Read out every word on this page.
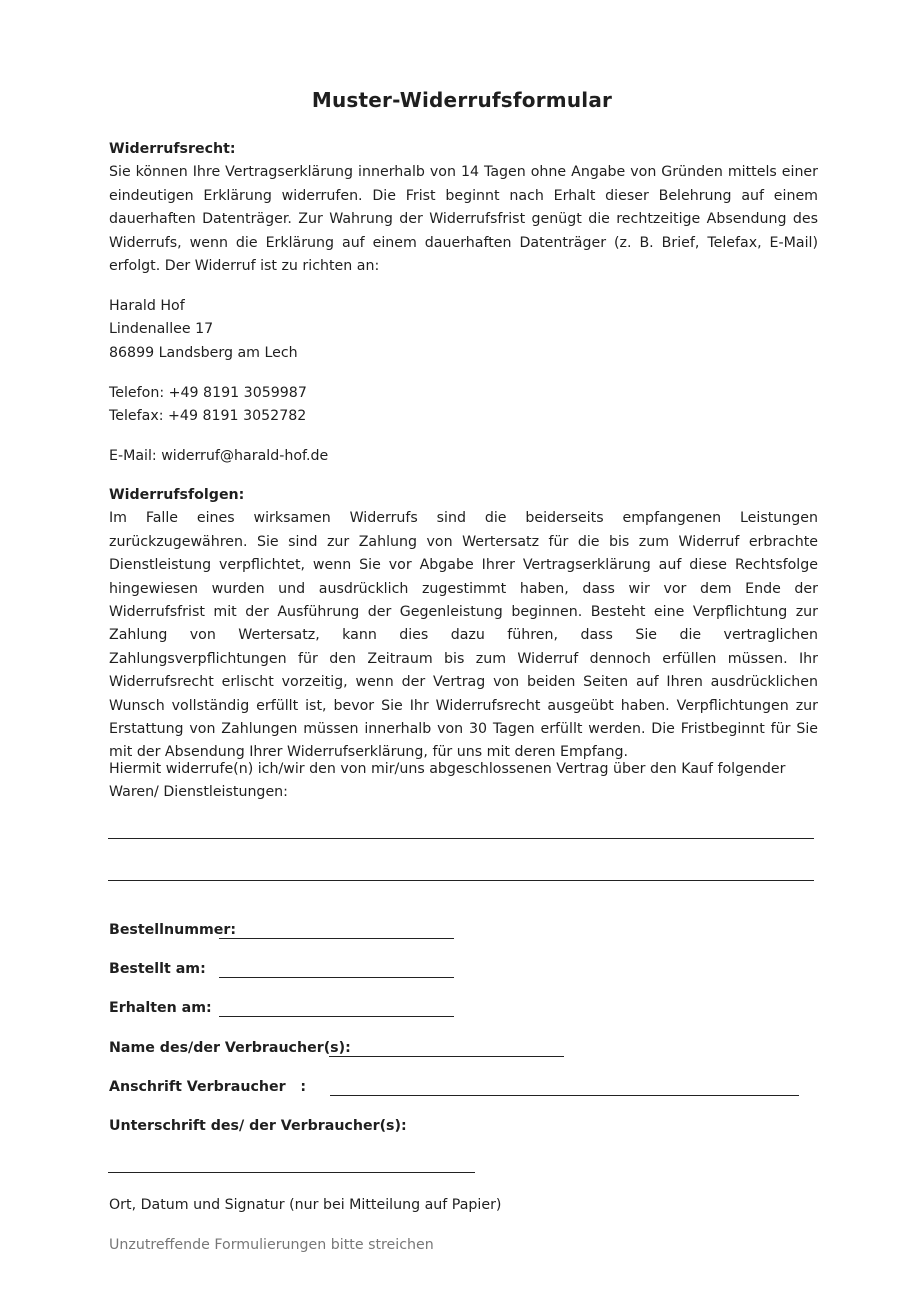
Muster-Widerrufsformular
Widerrufsrecht:
Sie können Ihre Vertragserklärung innerhalb von 14 Tagen ohne Angabe von Gründen mittels einer eindeutigen Erklärung widerrufen. Die Frist beginnt nach Erhalt dieser Belehrung auf einem dauerhaften Datenträger. Zur Wahrung der Widerrufsfrist genügt die rechtzeitige Absendung des Widerrufs, wenn die Erklärung auf einem dauerhaften Datenträger (z. B. Brief, Telefax, E-Mail) erfolgt. Der Widerruf ist zu richten an:
Harald Hof
Lindenallee 17
86899 Landsberg am Lech
Telefon: +49 8191 3059987
Telefax: +49 8191 3052782
E-Mail: widerruf@harald-hof.de
Widerrufsfolgen:
Im Falle eines wirksamen Widerrufs sind die beiderseits empfangenen Leistungen zurückzugewähren. Sie sind zur Zahlung von Wertersatz für die bis zum Widerruf erbrachte Dienstleistung verpflichtet, wenn Sie vor Abgabe Ihrer Vertragserklärung auf diese Rechtsfolge hingewiesen wurden und ausdrücklich zugestimmt haben, dass wir vor dem Ende der Widerrufsfrist mit der Ausführung der Gegenleistung beginnen. Besteht eine Verpflichtung zur Zahlung von Wertersatz, kann dies dazu führen, dass Sie die vertraglichen Zahlungsverpflichtungen für den Zeitraum bis zum Widerruf dennoch erfüllen müssen. Ihr Widerrufsrecht erlischt vorzeitig, wenn der Vertrag von beiden Seiten auf Ihren ausdrücklichen Wunsch vollständig erfüllt ist, bevor Sie Ihr Widerrufsrecht ausgeübt haben. Verpflichtungen zur Erstattung von Zahlungen müssen innerhalb von 30 Tagen erfüllt werden. Die Fristbeginnt für Sie mit der Absendung Ihrer Widerrufserklärung, für uns mit deren Empfang.
Hiermit widerrufe(n) ich/wir den von mir/uns abgeschlossenen Vertrag über den Kauf folgender Waren/ Dienstleistungen:
Bestellnummer:
Bestellt am:
Erhalten am:
Name des/der Verbraucher(s):
Anschrift Verbraucher   :
Unterschrift des/ der Verbraucher(s):
Ort, Datum und Signatur (nur bei Mitteilung auf Papier)
Unzutreffende Formulierungen bitte streichen
